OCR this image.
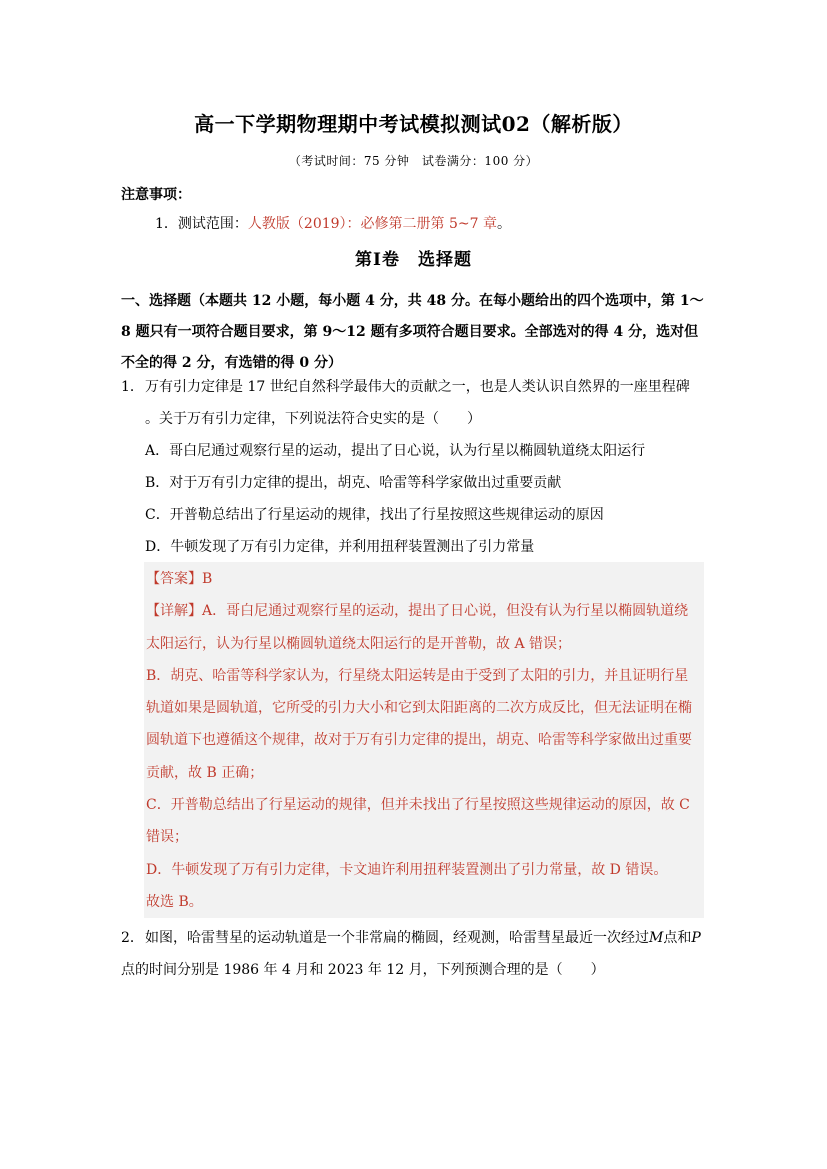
高一下学期物理期中考试模拟测试02（解析版）
（考试时间：75 分钟　试卷满分：100 分）
注意事项：
1．测试范围：人教版（2019）：必修第二册第 5~7 章。
第Ⅰ卷　选择题
一、选择题（本题共 12 小题，每小题 4 分，共 48 分。在每小题给出的四个选项中，第 1～8 题只有一项符合题目要求，第 9～12 题有多项符合题目要求。全部选对的得 4 分，选对但不全的得 2 分，有选错的得 0 分）
1．万有引力定律是 17 世纪自然科学最伟大的贡献之一，也是人类认识自然界的一座里程碑
。关于万有引力定律，下列说法符合史实的是（　　）
A．哥白尼通过观察行星的运动，提出了日心说，认为行星以椭圆轨道绕太阳运行
B．对于万有引力定律的提出，胡克、哈雷等科学家做出过重要贡献
C．开普勒总结出了行星运动的规律，找出了行星按照这些规律运动的原因
D．牛顿发现了万有引力定律，并利用扭秤装置测出了引力常量
【答案】B
【详解】A．哥白尼通过观察行星的运动，提出了日心说，但没有认为行星以椭圆轨道绕太阳运行，认为行星以椭圆轨道绕太阳运行的是开普勒，故 A 错误；
B．胡克、哈雷等科学家认为，行星绕太阳运转是由于受到了太阳的引力，并且证明行星轨道如果是圆轨道，它所受的引力大小和它到太阳距离的二次方成反比，但无法证明在椭圆轨道下也遵循这个规律，故对于万有引力定律的提出，胡克、哈雷等科学家做出过重要贡献，故 B 正确；
C．开普勒总结出了行星运动的规律，但并未找出了行星按照这些规律运动的原因，故 C 错误；
D．牛顿发现了万有引力定律，卡文迪许利用扭秤装置测出了引力常量，故 D 错误。
故选 B。
2．如图，哈雷彗星的运动轨道是一个非常扁的椭圆，经观测，哈雷彗星最近一次经过M点和P点的时间分别是 1986 年 4 月和 2023 年 12 月，下列预测合理的是（　　）
